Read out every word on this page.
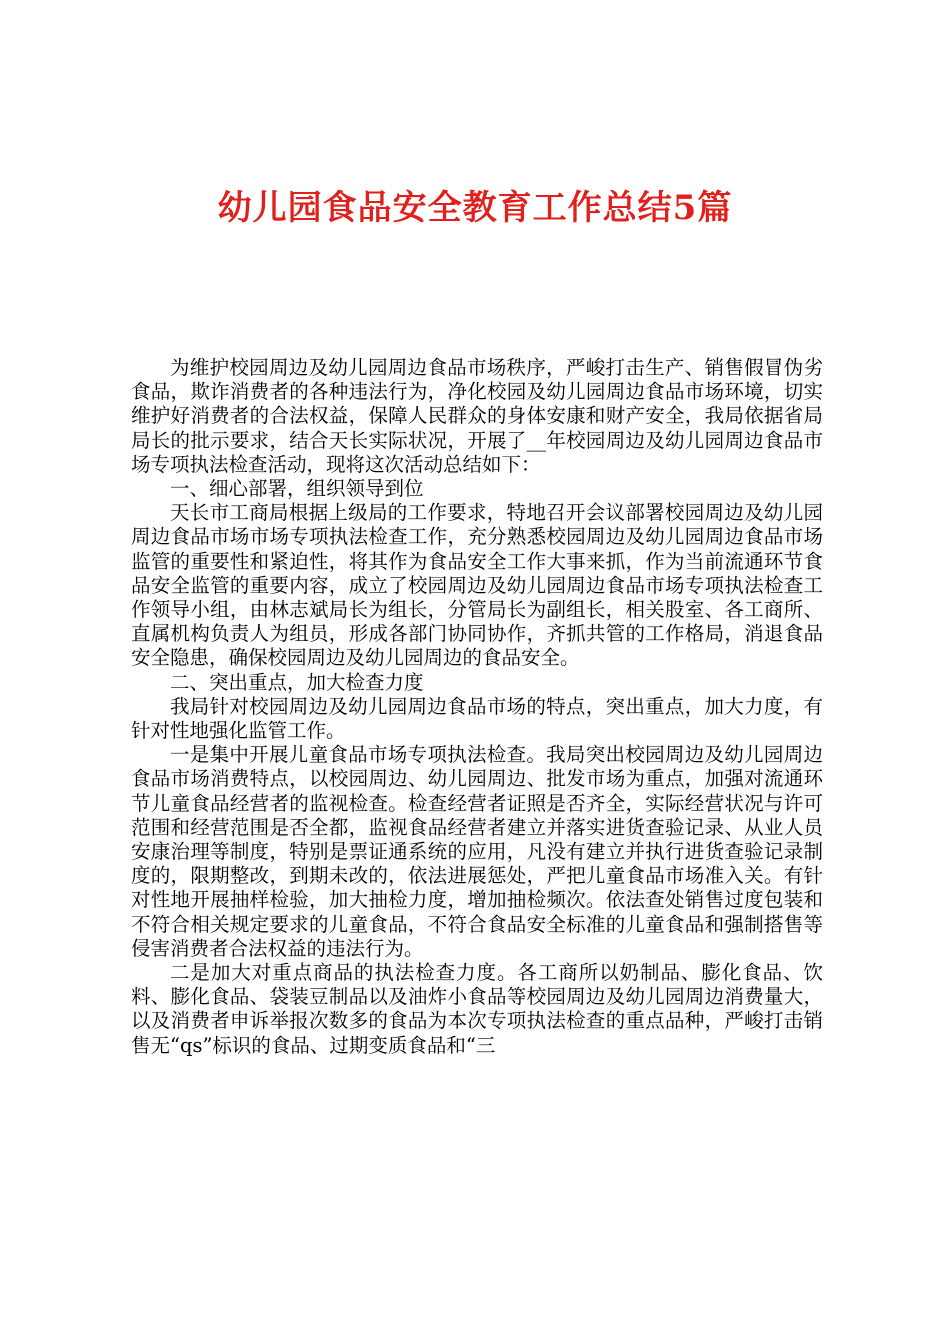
幼儿园食品安全教育工作总结5篇

为维护校园周边及幼儿园周边食品市场秩序，严峻打击生产、销售假冒伪劣食品，欺诈消费者的各种违法行为，净化校园及幼儿园周边食品市场环境，切实维护好消费者的合法权益，保障人民群众的身体安康和财产安全，我局依据省局局长的批示要求，结合天长实际状况，开展了__年校园周边及幼儿园周边食品市场专项执法检查活动，现将这次活动总结如下：

一、细心部署，组织领导到位

天长市工商局根据上级局的工作要求，特地召开会议部署校园周边及幼儿园周边食品市场市场专项执法检查工作，充分熟悉校园周边及幼儿园周边食品市场监管的重要性和紧迫性，将其作为食品安全工作大事来抓，作为当前流通环节食品安全监管的重要内容，成立了校园周边及幼儿园周边食品市场专项执法检查工作领导小组，由林志斌局长为组长，分管局长为副组长，相关股室、各工商所、直属机构负责人为组员，形成各部门协同协作，齐抓共管的工作格局，消退食品安全隐患，确保校园周边及幼儿园周边的食品安全。

二、突出重点，加大检查力度

我局针对校园周边及幼儿园周边食品市场的特点，突出重点，加大力度，有针对性地强化监管工作。

一是集中开展儿童食品市场专项执法检查。我局突出校园周边及幼儿园周边食品市场消费特点，以校园周边、幼儿园周边、批发市场为重点，加强对流通环节儿童食品经营者的监视检查。检查经营者证照是否齐全，实际经营状况与许可范围和经营范围是否全都，监视食品经营者建立并落实进货查验记录、从业人员安康治理等制度，特别是票证通系统的应用，凡没有建立并执行进货查验记录制度的，限期整改，到期未改的，依法进展惩处，严把儿童食品市场准入关。有针对性地开展抽样检验，加大抽检力度，增加抽检频次。依法查处销售过度包装和不符合相关规定要求的儿童食品，不符合食品安全标准的儿童食品和强制搭售等侵害消费者合法权益的违法行为。

二是加大对重点商品的执法检查力度。各工商所以奶制品、膨化食品、饮料、膨化食品、袋装豆制品以及油炸小食品等校园周边及幼儿园周边消费量大，以及消费者申诉举报次数多的食品为本次专项执法检查的重点品种，严峻打击销售无“qs”标识的食品、过期变质食品和“三
